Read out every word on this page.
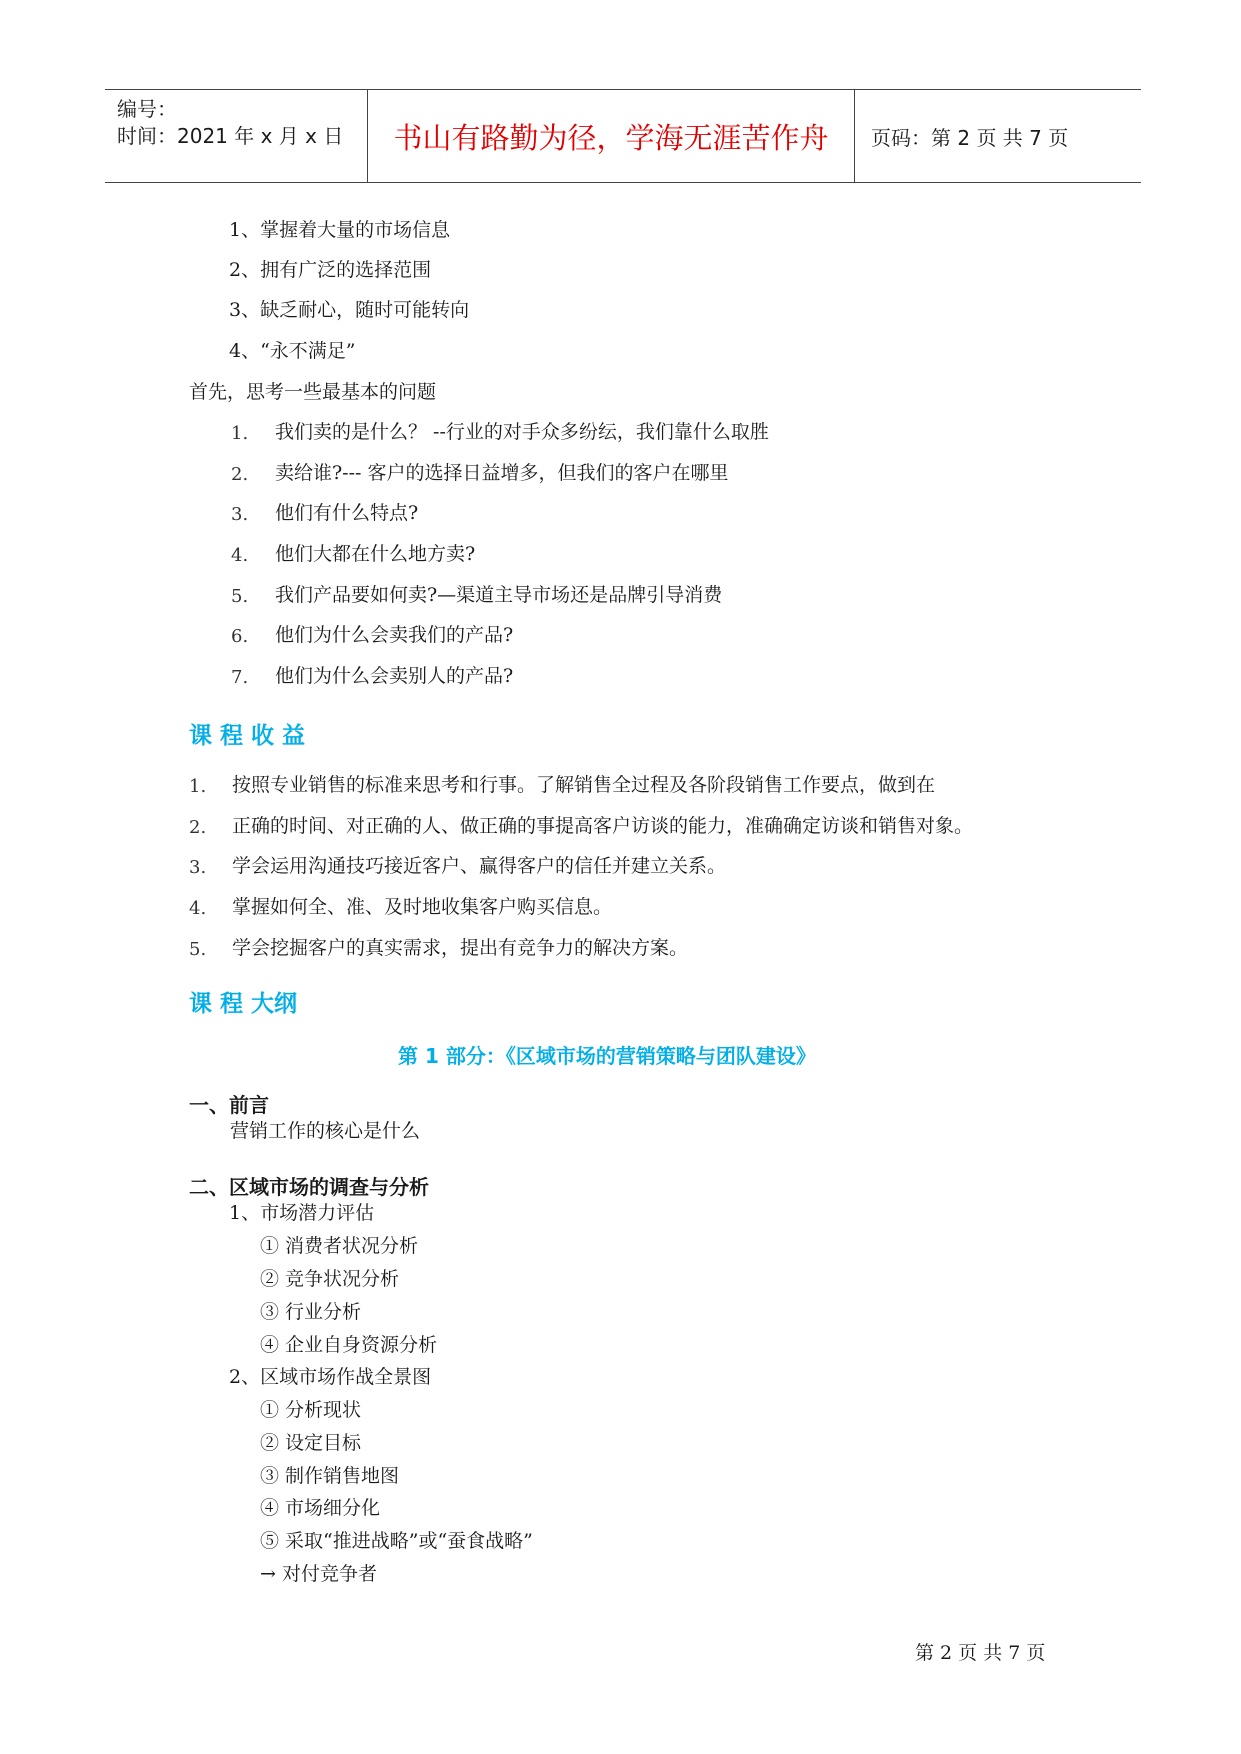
编号：
时间：2021 年 x 月 x 日	书山有路勤为径，学海无涯苦作舟	页码：第 2 页 共 7 页
1、掌握着大量的市场信息
2、拥有广泛的选择范围
3、缺乏耐心，随时可能转向
4、“永不满足”
首先，思考一些最基本的问题
1. 我们卖的是什么？ --行业的对手众多纷纭，我们靠什么取胜
2. 卖给谁?--- 客户的选择日益增多，但我们的客户在哪里
3. 他们有什么特点?
4. 他们大都在什么地方卖?
5. 我们产品要如何卖?—渠道主导市场还是品牌引导消费
6. 他们为什么会卖我们的产品?
7. 他们为什么会卖别人的产品?
课 程 收 益
1. 按照专业销售的标准来思考和行事。了解销售全过程及各阶段销售工作要点，做到在
2. 正确的时间、对正确的人、做正确的事提高客户访谈的能力，准确确定访谈和销售对象。
3. 学会运用沟通技巧接近客户、赢得客户的信任并建立关系。
4. 掌握如何全、准、及时地收集客户购买信息。
5. 学会挖掘客户的真实需求，提出有竞争力的解决方案。
课 程 大纲
第 1 部分：《区域市场的营销策略与团队建设》
一、前言
营销工作的核心是什么
二、区域市场的调查与分析
1、市场潜力评估
① 消费者状况分析
② 竞争状况分析
③ 行业分析
④ 企业自身资源分析
2、区域市场作战全景图
① 分析现状
② 设定目标
③ 制作销售地图
④ 市场细分化
⑤ 采取“推进战略”或“蚕食战略”
→ 对付竞争者
第 2 页 共 7 页
